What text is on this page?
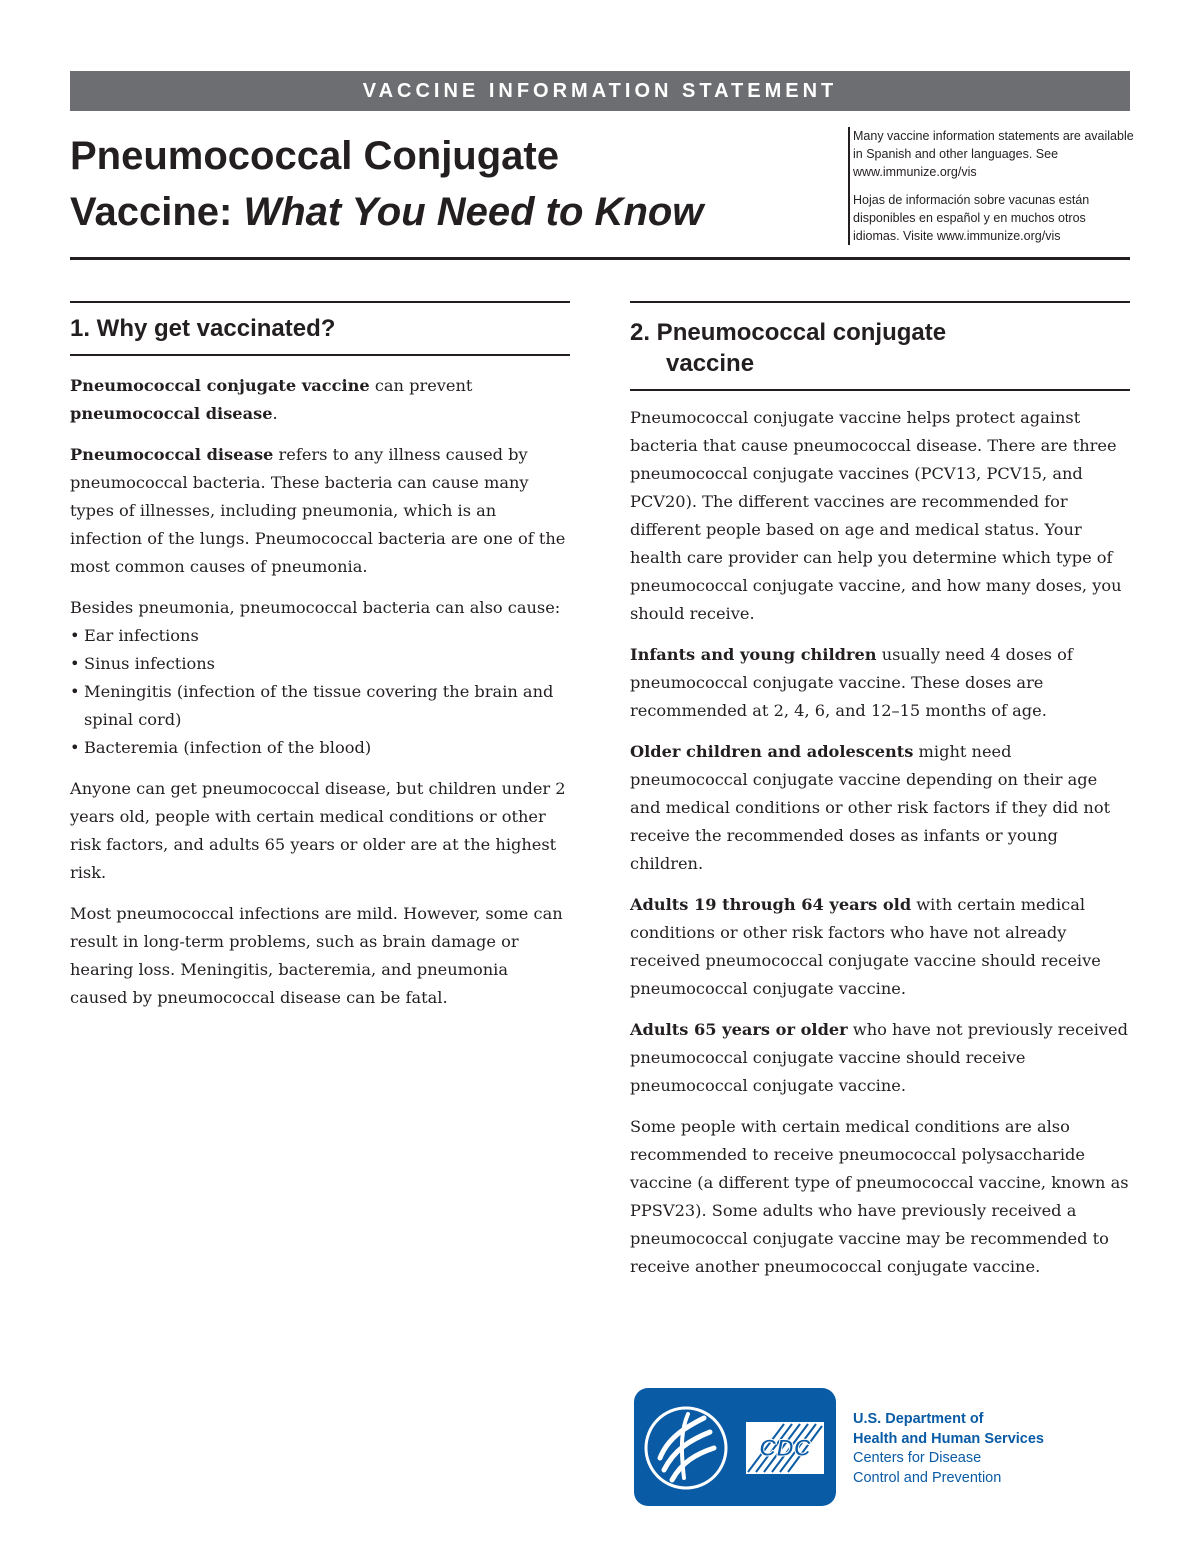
VACCINE INFORMATION STATEMENT
Pneumococcal Conjugate
Vaccine: What You Need to Know

Many vaccine information statements are available in Spanish and other languages. See www.immunize.org/vis

Hojas de información sobre vacunas están disponibles en español y en muchos otros idiomas. Visite www.immunize.org/vis

1. Why get vaccinated?

Pneumococcal conjugate vaccine can prevent pneumococcal disease.

Pneumococcal disease refers to any illness caused by pneumococcal bacteria. These bacteria can cause many types of illnesses, including pneumonia, which is an infection of the lungs. Pneumococcal bacteria are one of the most common causes of pneumonia.

Besides pneumonia, pneumococcal bacteria can also cause:

• Ear infections
• Sinus infections
• Meningitis (infection of the tissue covering the brain and spinal cord)
• Bacteremia (infection of the blood)

Anyone can get pneumococcal disease, but children under 2 years old, people with certain medical conditions or other risk factors, and adults 65 years or older are at the highest risk.

Most pneumococcal infections are mild. However, some can result in long-term problems, such as brain damage or hearing loss. Meningitis, bacteremia, and pneumonia caused by pneumococcal disease can be fatal.

2. Pneumococcal conjugate
vaccine

Pneumococcal conjugate vaccine helps protect against bacteria that cause pneumococcal disease. There are three pneumococcal conjugate vaccines (PCV13, PCV15, and PCV20). The different vaccines are recommended for different people based on age and medical status. Your health care provider can help you determine which type of pneumococcal conjugate vaccine, and how many doses, you should receive.

Infants and young children usually need 4 doses of pneumococcal conjugate vaccine. These doses are recommended at 2, 4, 6, and 12–15 months of age.

Older children and adolescents might need pneumococcal conjugate vaccine depending on their age and medical conditions or other risk factors if they did not receive the recommended doses as infants or young children.

Adults 19 through 64 years old with certain medical conditions or other risk factors who have not already received pneumococcal conjugate vaccine should receive pneumococcal conjugate vaccine.

Adults 65 years or older who have not previously received pneumococcal conjugate vaccine should receive pneumococcal conjugate vaccine.

Some people with certain medical conditions are also recommended to receive pneumococcal polysaccharide vaccine (a different type of pneumococcal vaccine, known as PPSV23). Some adults who have previously received a pneumococcal conjugate vaccine may be recommended to receive another pneumococcal conjugate vaccine.

CDC
U.S. Department of
Health and Human Services
Centers for Disease
Control and Prevention
